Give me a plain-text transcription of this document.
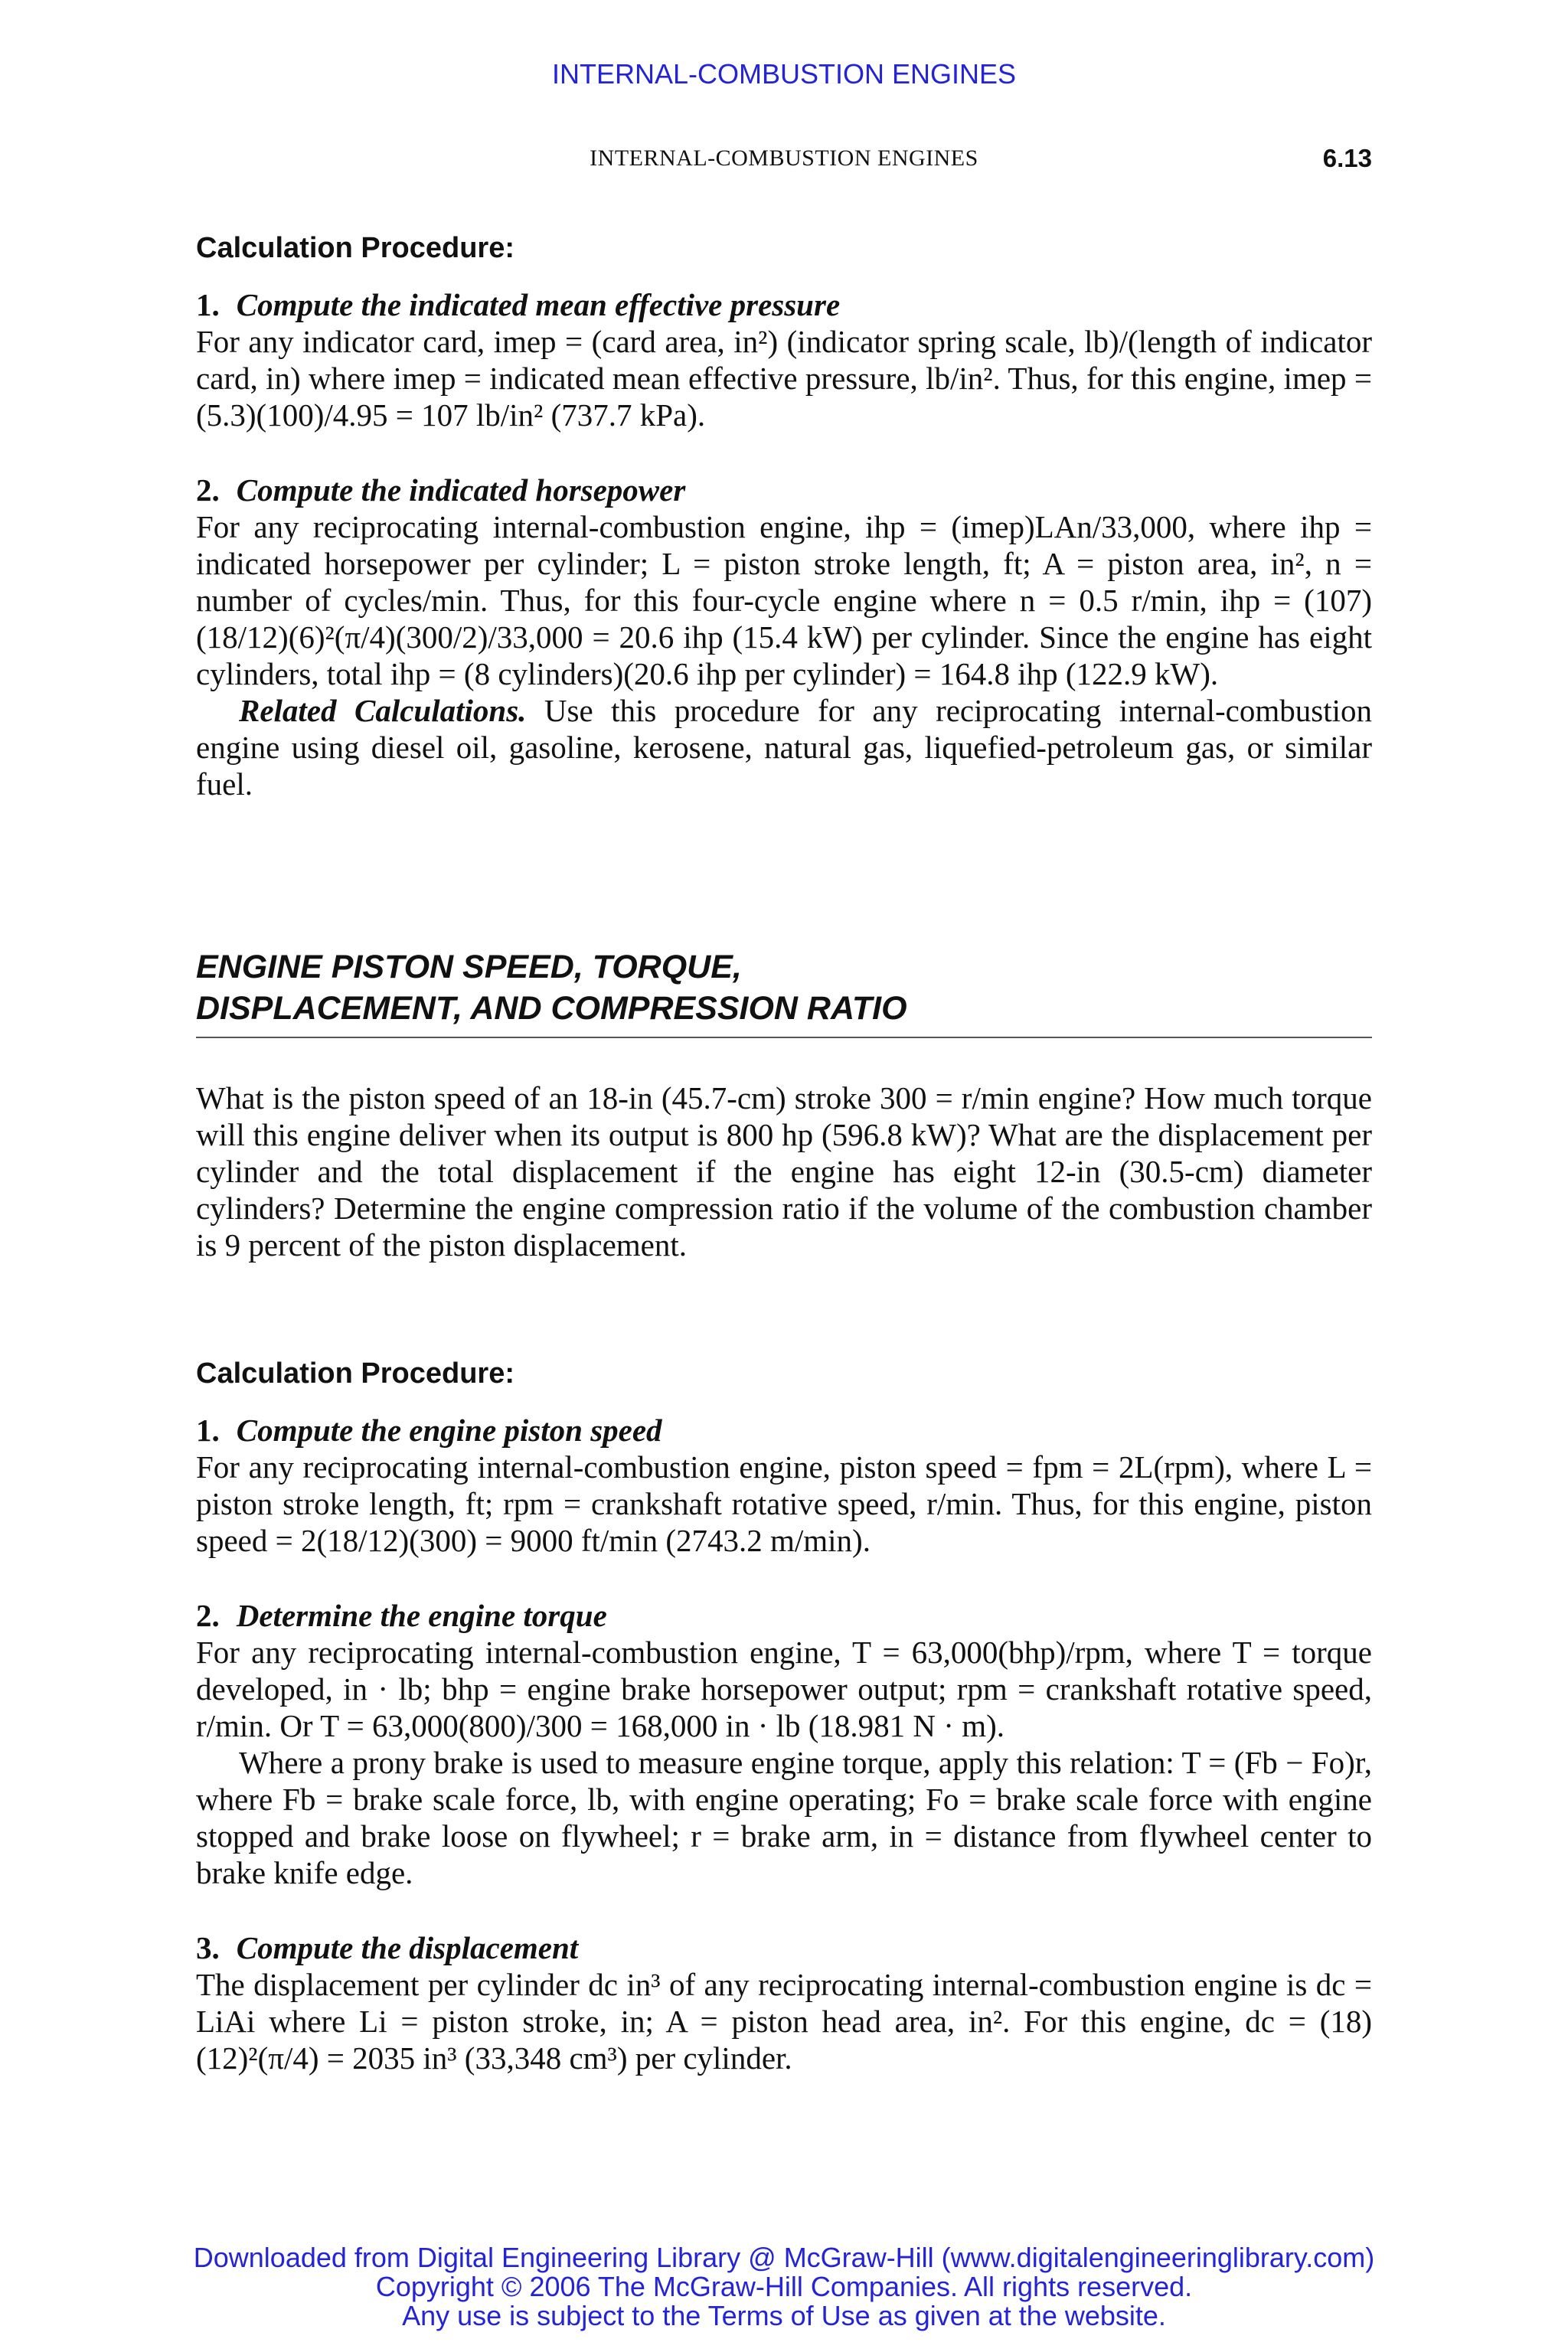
INTERNAL-COMBUSTION ENGINES
INTERNAL-COMBUSTION ENGINES	6.13

Calculation Procedure:

1. Compute the indicated mean effective pressure

For any indicator card, imep = (card area, in²) (indicator spring scale, lb)/(length of indicator card, in) where imep = indicated mean effective pressure, lb/in². Thus, for this engine, imep = (5.3)(100)/4.95 = 107 lb/in² (737.7 kPa).

2. Compute the indicated horsepower

For any reciprocating internal-combustion engine, ihp = (imep)LAn/33,000, where ihp = indicated horsepower per cylinder; L = piston stroke length, ft; A = piston area, in², n = number of cycles/min. Thus, for this four-cycle engine where n = 0.5 r/min, ihp = (107)(18/12)(6)²(π/4)(300/2)/33,000 = 20.6 ihp (15.4 kW) per cylinder. Since the engine has eight cylinders, total ihp = (8 cylinders)(20.6 ihp per cylinder) = 164.8 ihp (122.9 kW).

Related Calculations. Use this procedure for any reciprocating internal-combustion engine using diesel oil, gasoline, kerosene, natural gas, liquefied-petroleum gas, or similar fuel.

ENGINE PISTON SPEED, TORQUE,

DISPLACEMENT, AND COMPRESSION RATIO

What is the piston speed of an 18-in (45.7-cm) stroke 300 = r/min engine? How much torque will this engine deliver when its output is 800 hp (596.8 kW)? What are the displacement per cylinder and the total displacement if the engine has eight 12-in (30.5-cm) diameter cylinders? Determine the engine compression ratio if the volume of the combustion chamber is 9 percent of the piston displacement.

Calculation Procedure:

1. Compute the engine piston speed

For any reciprocating internal-combustion engine, piston speed = fpm = 2L(rpm), where L = piston stroke length, ft; rpm = crankshaft rotative speed, r/min. Thus, for this engine, piston speed = 2(18/12)(300) = 9000 ft/min (2743.2 m/min).

2. Determine the engine torque

For any reciprocating internal-combustion engine, T = 63,000(bhp)/rpm, where T = torque developed, in · lb; bhp = engine brake horsepower output; rpm = crankshaft rotative speed, r/min. Or T = 63,000(800)/300 = 168,000 in · lb (18.981 N · m).

Where a prony brake is used to measure engine torque, apply this relation: T = (Fb − Fo)r, where Fb = brake scale force, lb, with engine operating; Fo = brake scale force with engine stopped and brake loose on flywheel; r = brake arm, in = distance from flywheel center to brake knife edge.

3. Compute the displacement

The displacement per cylinder dc in³ of any reciprocating internal-combustion engine is dc = LiAi where Li = piston stroke, in; A = piston head area, in². For this engine, dc = (18)(12)²(π/4) = 2035 in³ (33,348 cm³) per cylinder.

Downloaded from Digital Engineering Library @ McGraw-Hill (www.digitalengineeringlibrary.com)
Copyright © 2006 The McGraw-Hill Companies. All rights reserved.
Any use is subject to the Terms of Use as given at the website.
